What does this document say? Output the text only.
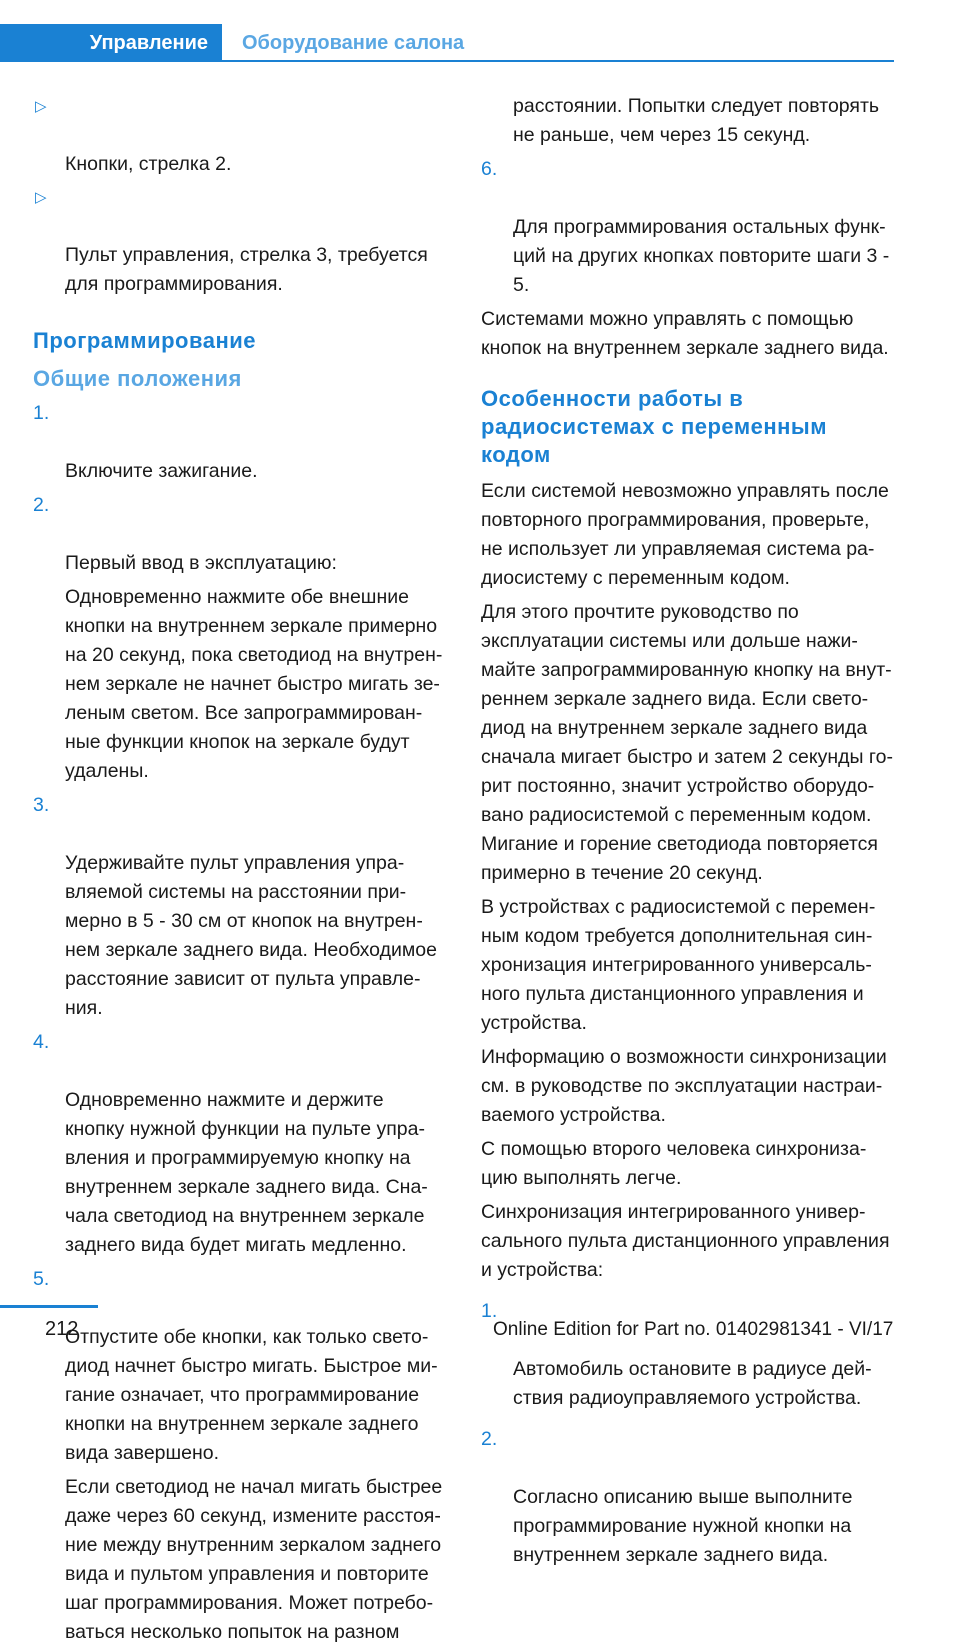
Управление Оборудование салона

▷

Кнопки, стрелка 2.

▷

Пульт управления, стрелка 3, требуется
для программирования.

Программирование
Общие положения

1.

Включите зажигание.

2.

Первый ввод в эксплуатацию:

Одновременно нажмите обе внешние
кнопки на внутреннем зеркале примерно
на 20 секунд, пока светодиод на внутрен-
нем зеркале не начнет быстро мигать зе-
леным светом. Все запрограммирован-
ные функции кнопок на зеркале будут
удалены.

3.

Удерживайте пульт управления упра-
вляемой системы на расстоянии при-
мерно в 5 - 30 см от кнопок на внутрен-
нем зеркале заднего вида. Необходимое
расстояние зависит от пульта управле-
ния.

4.

Одновременно нажмите и держите
кнопку нужной функции на пульте упра-
вления и программируемую кнопку на
внутреннем зеркале заднего вида. Сна-
чала светодиод на внутреннем зеркале
заднего вида будет мигать медленно.

5.

Отпустите обе кнопки, как только свето-
диод начнет быстро мигать. Быстрое ми-
гание означает, что программирование
кнопки на внутреннем зеркале заднего
вида завершено.

Если светодиод не начал мигать быстрее
даже через 60 секунд, измените расстоя-
ние между внутренним зеркалом заднего
вида и пультом управления и повторите
шаг программирования. Может потребо-
ваться несколько попыток на разном
расстоянии. Попытки следует повторять
не раньше, чем через 15 секунд.

6.

Для программирования остальных функ-
ций на других кнопках повторите шаги 3 -
5.

Системами можно управлять с помощью
кнопок на внутреннем зеркале заднего вида.
Особенности работы в
радиосистемах с переменным кодом
Если системой невозможно управлять после
повторного программирования, проверьте,
не использует ли управляемая система ра-
диосистему с переменным кодом.
Для этого прочтите руководство по
эксплуатации системы или дольше нажи-
майте запрограммированную кнопку на внут-
реннем зеркале заднего вида. Если свето-
диод на внутреннем зеркале заднего вида
сначала мигает быстро и затем 2 секунды го-
рит постоянно, значит устройство оборудо-
вано радиосистемой с переменным кодом.
Мигание и горение светодиода повторяется
примерно в течение 20 секунд.
В устройствах с радиосистемой с перемен-
ным кодом требуется дополнительная син-
хронизация интегрированного универсаль-
ного пульта дистанционного управления и
устройства.
Информацию о возможности синхронизации
см. в руководстве по эксплуатации настраи-
ваемого устройства.
С помощью второго человека синхрониза-
цию выполнять легче.
Синхронизация интегрированного универ-
сального пульта дистанционного управления
и устройства:

1.

Автомобиль остановите в радиусе дей-
ствия радиоуправляемого устройства.

2.

Согласно описанию выше выполните
программирование нужной кнопки на
внутреннем зеркале заднего вида.

212	Online Edition for Part no. 01402981341 - VI/17
